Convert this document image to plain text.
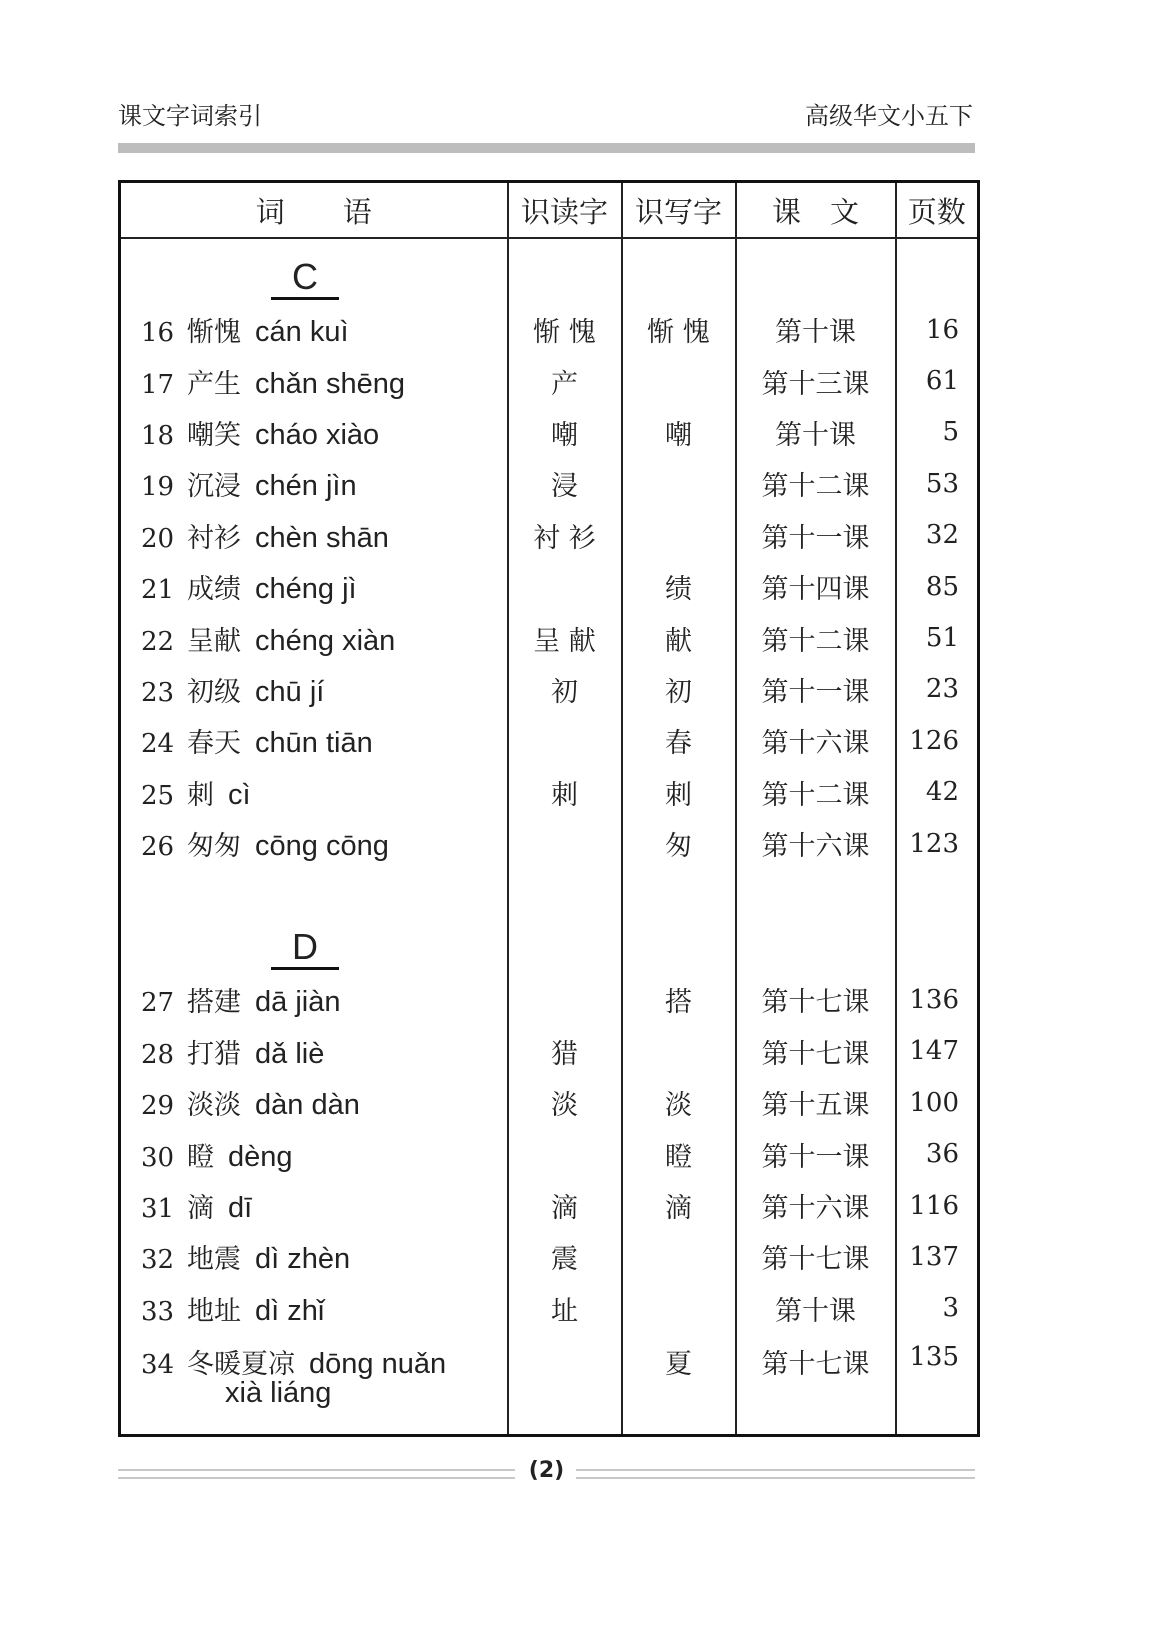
课文字词索引	高级华文小五下
词　　语	识读字	识写字	课　文	页数
C				
16 惭愧 cán kuì	惭 愧	惭 愧	第十课	16
17 产生 chǎn shēng	产		第十三课	61
18 嘲笑 cháo xiào	嘲	嘲	第十课	5
19 沉浸 chén jìn	浸		第十二课	53
20 衬衫 chèn shān	衬 衫		第十一课	32
21 成绩 chéng jì		绩	第十四课	85
22 呈献 chéng xiàn	呈 献	献	第十二课	51
23 初级 chū jí	初	初	第十一课	23
24 春天 chūn tiān		春	第十六课	126
25 刺 cì	刺	刺	第十二课	42
26 匆匆 cōng cōng		匆	第十六课	123
D				
27 搭建 dā jiàn		搭	第十七课	136
28 打猎 dǎ liè	猎		第十七课	147
29 淡淡 dàn dàn	淡	淡	第十五课	100
30 瞪 dèng		瞪	第十一课	36
31 滴 dī	滴	滴	第十六课	116
32 地震 dì zhèn	震		第十七课	137
33 地址 dì zhǐ	址		第十课	3
34 冬暖夏凉 dōng nuǎn
xià liáng		夏	第十七课	135
(2)
